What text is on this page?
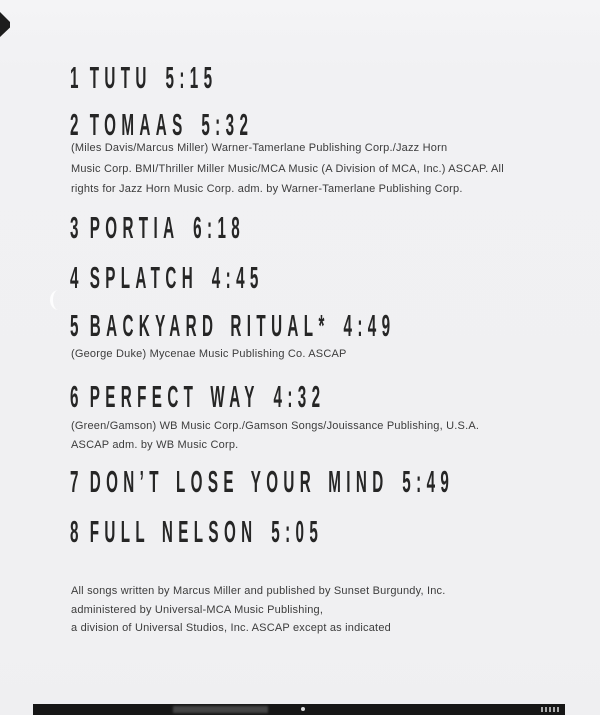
1 TUTU 5:15
2 TOMAAS 5:32
(Miles Davis/Marcus Miller) Warner-Tamerlane Publishing Corp./Jazz Horn
Music Corp. BMI/Thriller Miller Music/MCA Music (A Division of MCA, Inc.) ASCAP. All
rights for Jazz Horn Music Corp. adm. by Warner-Tamerlane Publishing Corp.
3 PORTIA 6:18
4 SPLATCH 4:45
5 BACKYARD RITUAL* 4:49
(George Duke) Mycenae Music Publishing Co. ASCAP
6 PERFECT WAY 4:32
(Green/Gamson) WB Music Corp./Gamson Songs/Jouissance Publishing, U.S.A.
ASCAP adm. by WB Music Corp.
7 DON’T LOSE YOUR MIND 5:49
8 FULL NELSON 5:05
All songs written by Marcus Miller and published by Sunset Burgundy, Inc.
administered by Universal-MCA Music Publishing,
a division of Universal Studios, Inc. ASCAP except as indicated
